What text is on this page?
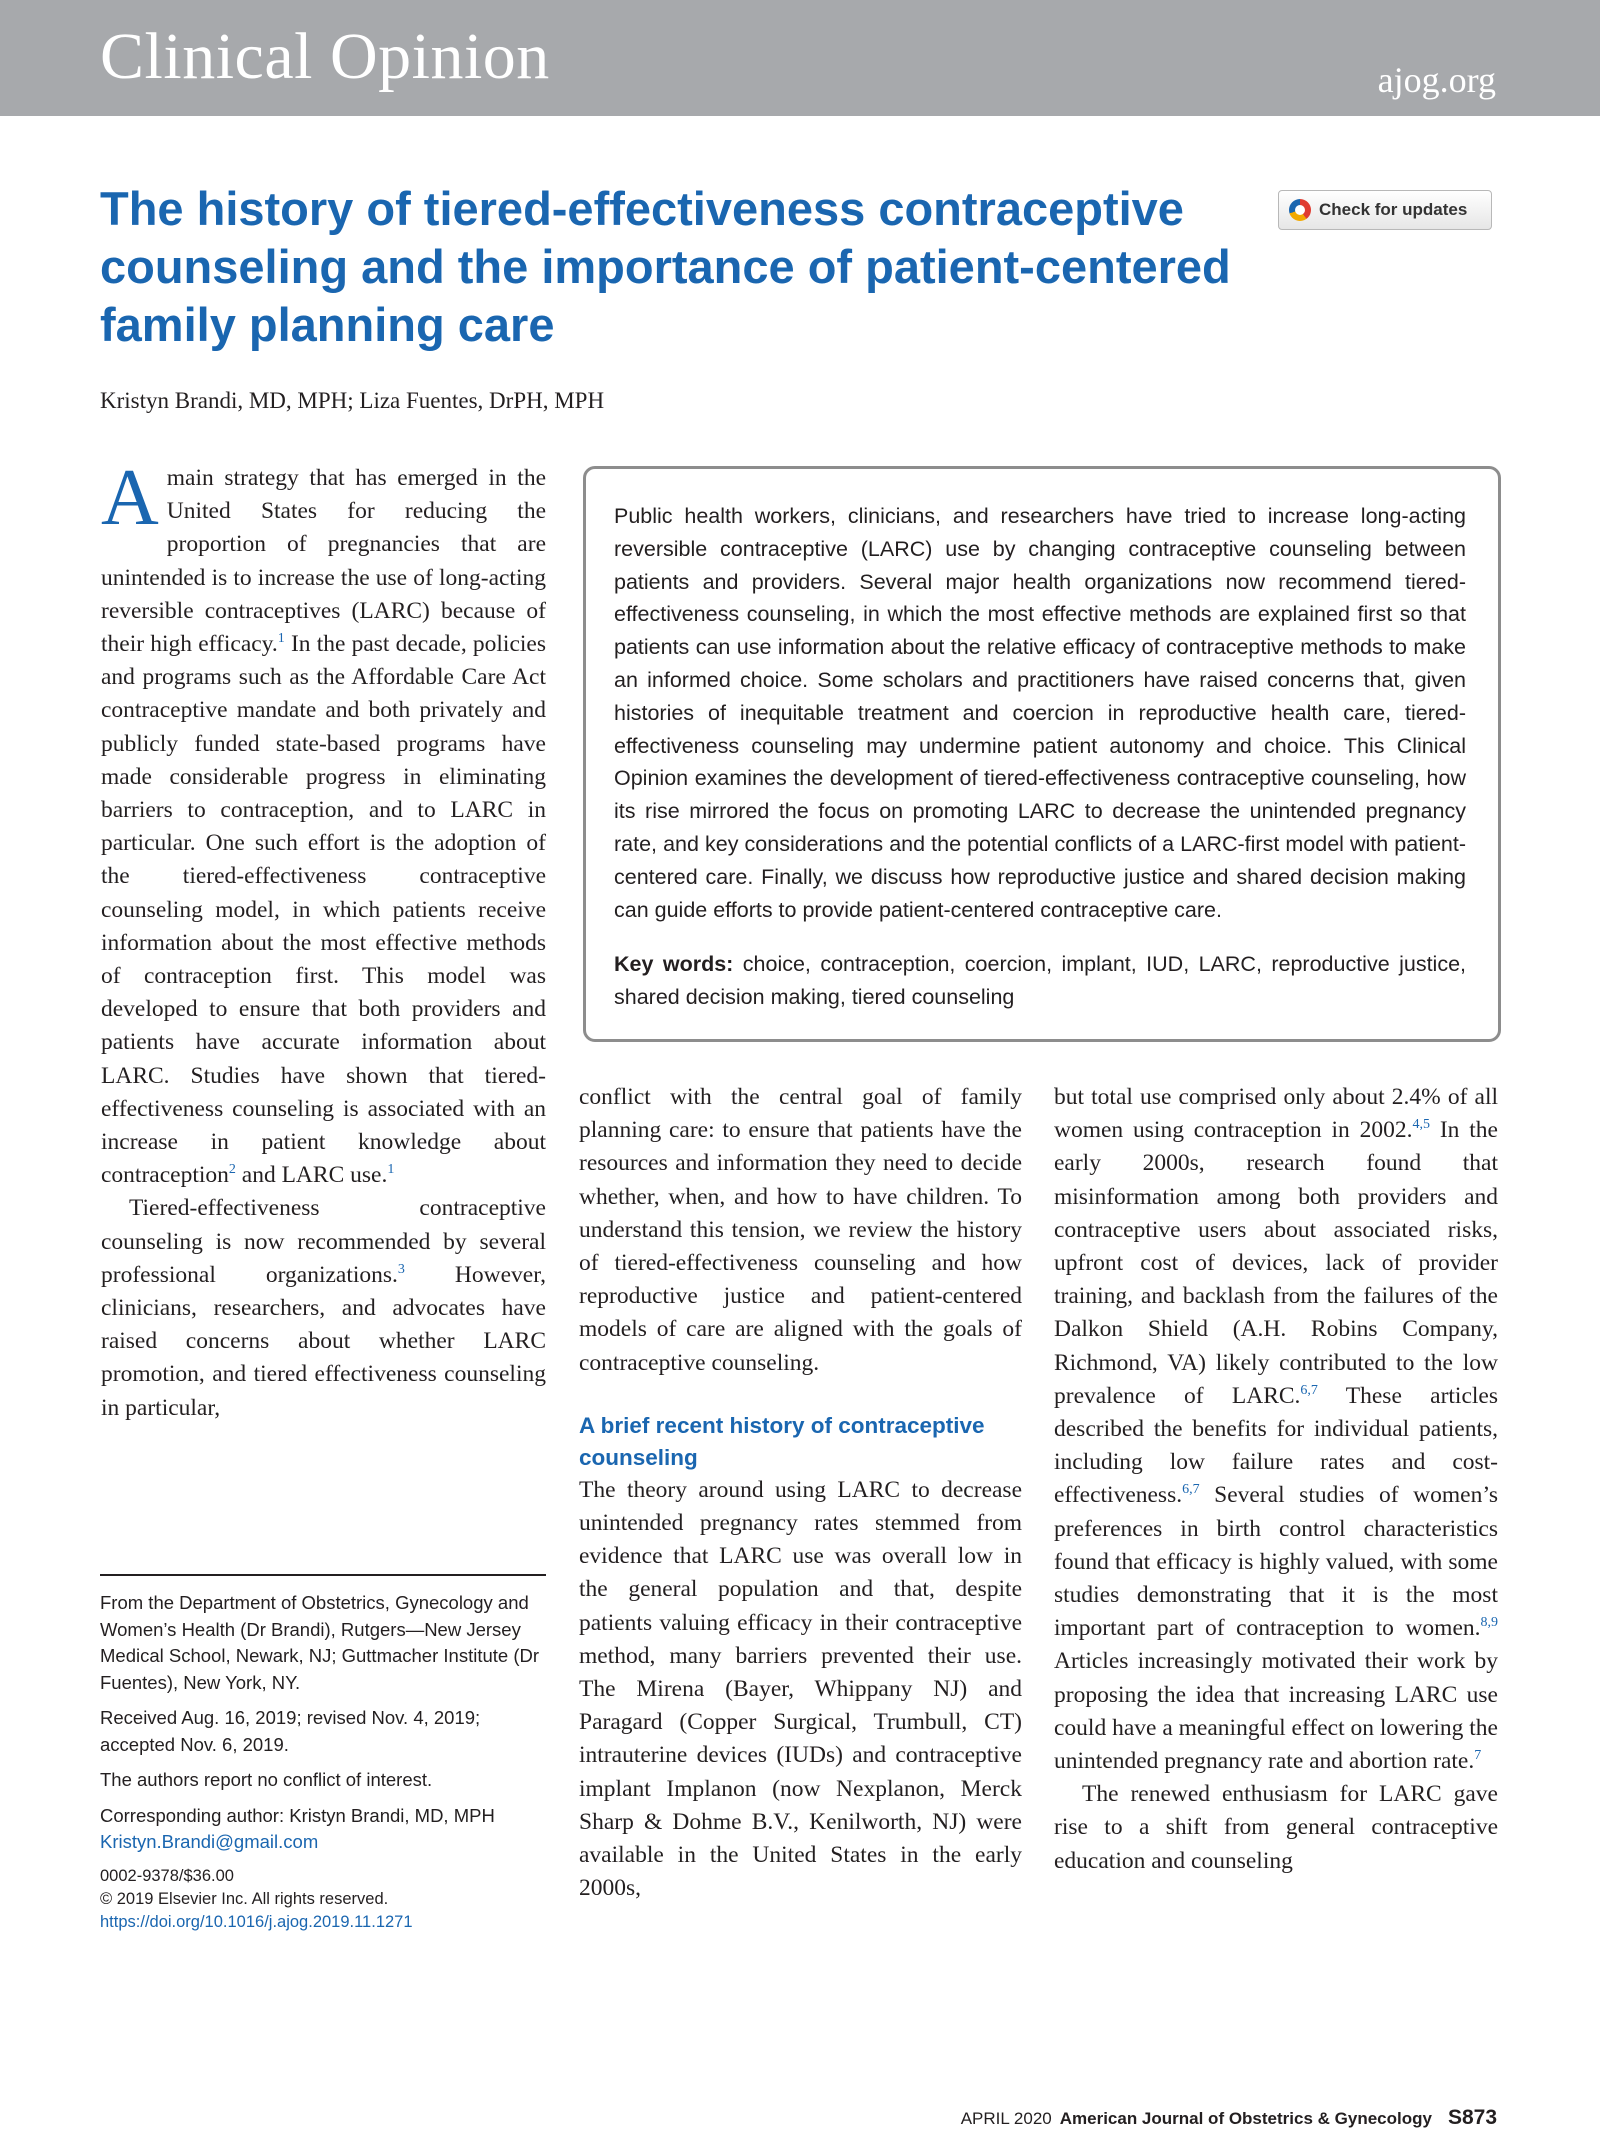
Clinical Opinion	ajog.org
The history of tiered-effectiveness contraceptive counseling and the importance of patient-centered family planning care
Check for updates
Kristyn Brandi, MD, MPH; Liza Fuentes, DrPH, MPH

Amain strategy that has emerged in the United States for reducing the proportion of pregnancies that are unintended is to increase the use of long-acting reversible contraceptives (LARC) because of their high efficacy.$^1$ In the past decade, policies and programs such as the Affordable Care Act contraceptive mandate and both privately and publicly funded state-based programs have made considerable progress in eliminating barriers to contraception, and to LARC in particular. One such effort is the adoption of the tiered-effectiveness contraceptive counseling model, in which patients receive information about the most effective methods of contraception first. This model was developed to ensure that both providers and patients have accurate information about LARC. Studies have shown that tiered-effectiveness counseling is associated with an increase in patient knowledge about contraception$^2$ and LARC use.$^1$

Tiered-effectiveness contraceptive counseling is now recommended by several professional organizations.$^3$ However, clinicians, researchers, and advocates have raised concerns about whether LARC promotion, and tiered effectiveness counseling in particular,

Public health workers, clinicians, and researchers have tried to increase long-acting reversible contraceptive (LARC) use by changing contraceptive counseling between patients and providers. Several major health organizations now recommend tiered-effectiveness counseling, in which the most effective methods are explained first so that patients can use information about the relative efficacy of contraceptive methods to make an informed choice. Some scholars and practitioners have raised concerns that, given histories of inequitable treatment and coercion in reproductive health care, tiered-effectiveness counseling may undermine patient autonomy and choice. This Clinical Opinion examines the development of tiered-effectiveness contraceptive counseling, how its rise mirrored the focus on promoting LARC to decrease the unintended pregnancy rate, and key considerations and the potential conflicts of a LARC-first model with patient-centered care. Finally, we discuss how reproductive justice and shared decision making can guide efforts to provide patient-centered contraceptive care.

Key words: choice, contraception, coercion, implant, IUD, LARC, reproductive justice, shared decision making, tiered counseling

conflict with the central goal of family planning care: to ensure that patients have the resources and information they need to decide whether, when, and how to have children. To understand this tension, we review the history of tiered-effectiveness counseling and how reproductive justice and patient-centered models of care are aligned with the goals of contraceptive counseling.

A brief recent history of contraceptive counseling

The theory around using LARC to decrease unintended pregnancy rates stemmed from evidence that LARC use was overall low in the general population and that, despite patients valuing efficacy in their contraceptive method, many barriers prevented their use. The Mirena (Bayer, Whippany NJ) and Paragard (Copper Surgical, Trumbull, CT) intrauterine devices (IUDs) and contraceptive implant Implanon (now Nexplanon, Merck Sharp & Dohme B.V., Kenilworth, NJ) were available in the United States in the early 2000s,

but total use comprised only about 2.4% of all women using contraception in 2002.$^{4,5}$ In the early 2000s, research found that misinformation among both providers and contraceptive users about associated risks, upfront cost of devices, lack of provider training, and backlash from the failures of the Dalkon Shield (A.H. Robins Company, Richmond, VA) likely contributed to the low prevalence of LARC.$^{6,7}$ These articles described the benefits for individual patients, including low failure rates and cost-effectiveness.$^{6,7}$ Several studies of women’s preferences in birth control characteristics found that efficacy is highly valued, with some studies demonstrating that it is the most important part of contraception to women.$^{8,9}$ Articles increasingly motivated their work by proposing the idea that increasing LARC use could have a meaningful effect on lowering the unintended pregnancy rate and abortion rate.$^7$

The renewed enthusiasm for LARC gave rise to a shift from general contraceptive education and counseling

From the Department of Obstetrics, Gynecology and Women’s Health (Dr Brandi), Rutgers—New Jersey Medical School, Newark, NJ; Guttmacher Institute (Dr Fuentes), New York, NY.

Received Aug. 16, 2019; revised Nov. 4, 2019; accepted Nov. 6, 2019.

The authors report no conflict of interest.

Corresponding author: Kristyn Brandi, MD, MPH Kristyn.Brandi@gmail.com

0002-9378/$36.00

© 2019 Elsevier Inc. All rights reserved.

https://doi.org/10.1016/j.ajog.2019.11.1271

APRIL 2020 American Journal of Obstetrics & Gynecology S873
